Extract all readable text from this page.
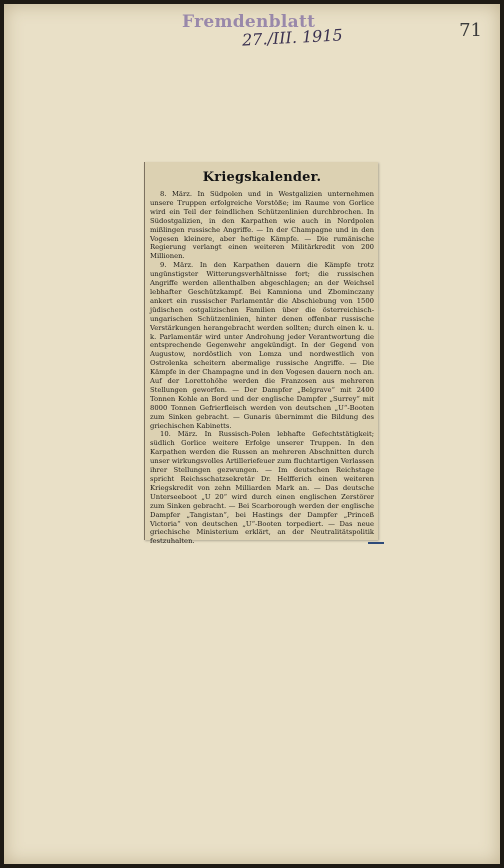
Fremdenblatt
27./III. 1915	71
Kriegskalender.

8. März. In Südpolen und in Westgalizien unternehmen unsere Truppen erfolgreiche Vorstöße; im Raume von Gorlice wird ein Teil der feindlichen Schützenlinien durchbrochen. In Südostgalizien, in den Karpathen wie auch in Nordpolen mißlingen russische Angriffe. — In der Champagne und in den Vogesen kleinere, aber heftige Kämpfe. — Die rumänische Regierung verlangt einen weiteren Militärkredit von 200 Millionen.

9. März. In den Karpathen dauern die Kämpfe trotz ungünstigster Witterungsverhältnisse fort; die russischen Angriffe werden allenthalben abgeschlagen; an der Weichsel lebhafter Geschützkampf. Bei Kamniona und Zbominczany ankert ein russischer Parlamentär die Abschiebung von 1500 jüdischen ostgalizischen Familien über die österreichisch-ungarischen Schützenlinien, hinter denen offenbar russische Verstärkungen herangebracht werden sollten; durch einen k. u. k. Parlamentär wird unter Androhung jeder Verantwortung die entsprechende Gegenwehr angekündigt. In der Gegend von Augustow, nordöstlich von Lomza und nordwestlich von Ostrolenka scheitern abermalige russische Angriffe. — Die Kämpfe in der Champagne und in den Vogesen dauern noch an. Auf der Lorettohöhe werden die Franzosen aus mehreren Stellungen geworfen. — Der Dampfer „Belgrave“ mit 2400 Tonnen Kohle an Bord und der englische Dampfer „Surrey“ mit 8000 Tonnen Gefrierfleisch werden von deutschen „U“-Booten zum Sinken gebracht. — Gunaris übernimmt die Bildung des griechischen Kabinetts.

10. März. In Russisch-Polen lebhafte Gefechtstätigkeit; südlich Gorlice weitere Erfolge unserer Truppen. In den Karpathen werden die Russen an mehreren Abschnitten durch unser wirkungsvolles Artilleriefeuer zum fluchtartigen Verlassen ihrer Stellungen gezwungen. — Im deutschen Reichstage spricht Reichsschatzsekretär Dr. Helfferich einen weiteren Kriegskredit von zehn Milliarden Mark an. — Das deutsche Unterseeboot „U 20“ wird durch einen englischen Zerstörer zum Sinken gebracht. — Bei Scarborough werden der englische Dampfer „Tangistan“, bei Hastings der Dampfer „Princeß Victoria“ von deutschen „U“-Booten torpediert. — Das neue griechische Ministerium erklärt, an der Neutralitätspolitik festzuhalten.
